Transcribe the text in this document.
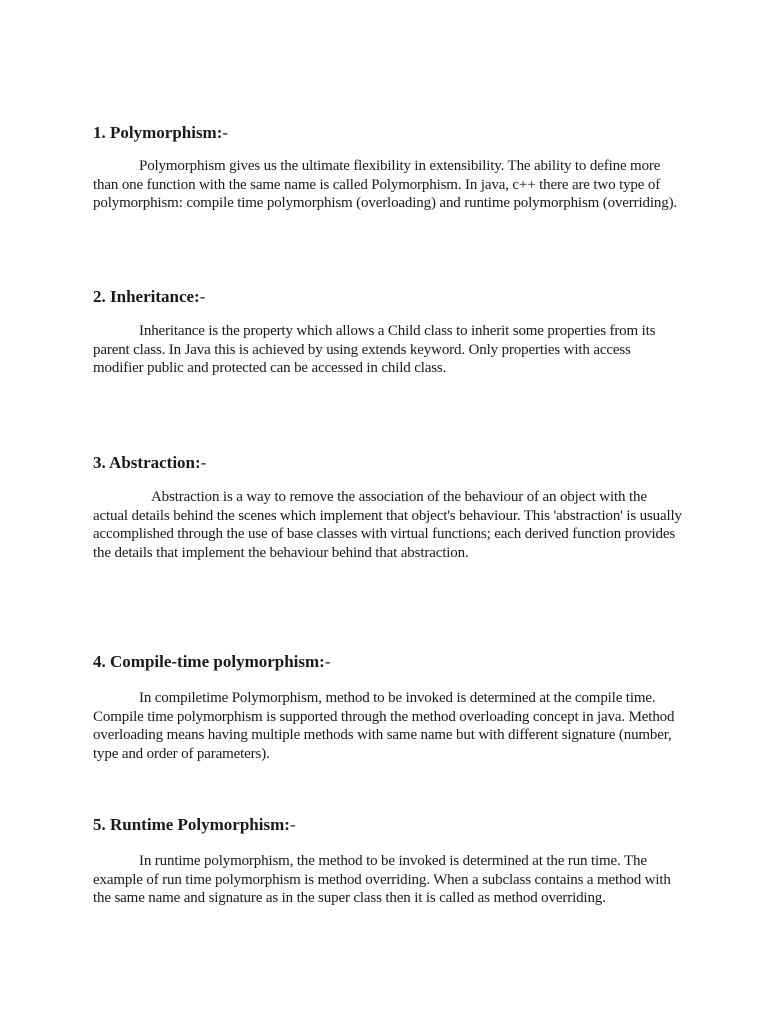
1. Polymorphism:-

Polymorphism gives us the ultimate flexibility in extensibility. The ability to define more than one function with the same name is called Polymorphism. In java, c++ there are two type of polymorphism: compile time polymorphism (overloading) and runtime polymorphism (overriding).

2. Inheritance:-

Inheritance is the property which allows a Child class to inherit some properties from its parent class. In Java this is achieved by using extends keyword. Only properties with access modifier public and protected can be accessed in child class.

3. Abstraction:-

Abstraction is a way to remove the association of the behaviour of an object with the actual details behind the scenes which implement that object's behaviour. This 'abstraction' is usually accomplished through the use of base classes with virtual functions; each derived function provides the details that implement the behaviour behind that abstraction.

4. Compile-time polymorphism:-

In compiletime Polymorphism, method to be invoked is determined at the compile time. Compile time polymorphism is supported through the method overloading concept in java. Method overloading means having multiple methods with same name but with different signature (number, type and order of parameters).

5. Runtime Polymorphism:-

In runtime polymorphism, the method to be invoked is determined at the run time. The example of run time polymorphism is method overriding. When a subclass contains a method with the same name and signature as in the super class then it is called as method overriding.
